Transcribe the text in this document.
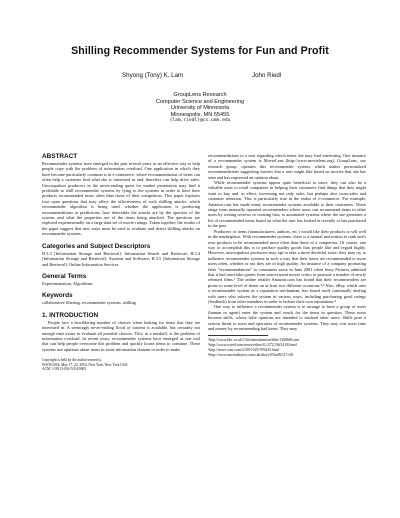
Shilling Recommender Systems for Fun and Profit
Shyong (Tony) K. Lam	John Riedl
GroupLens Research
Computer Science and Engineering
University of Minnesota
Minneapolis, MN 55455
{lam,riedl}@cs.umn.edu
ABSTRACT

Recommender systems have emerged in the past several years as an effective way to help people cope with the problem of information overload. One application in which they have become particularly common is in e-commerce, where recommendation of items can often help a customer find what she is interested in and, therefore can help drive sales. Unscrupulous producers in the never-ending quest for market penetration may find it profitable to shill recommender systems by lying to the systems in order to have their products recommended more often than those of their competitors. This paper explores four open questions that may affect the effectiveness of such shilling attacks: which recommender algorithm is being used, whether the application is producing recommendations or predictions, how detectable the attacks are by the operator of the system, and what the properties are of the items being attacked. The questions are explored experimentally on a large data set of movie ratings. Taken together, the results of the paper suggest that new ways must be used to evaluate and detect shilling attacks on recommender systems.

Categories and Subject Descriptors

H.3.3 [Information Storage and Retrieval]: Information Search and Retrieval; H.3.4 [Information Storage and Retrieval]: Systems and Software; H.3.5 [Information Storage and Retrieval]: Online Information Services

General Terms

Experimentation, Algorithms

Keywords

collaborative filtering, recommender systems, shilling

1. INTRODUCTION

People face a bewildering number of choices when looking for items that they are interested in. A seemingly never-ending flood of content is available, but certainly not enough time exists to evaluate all possible choices. This, in a nutshell, is the problem of information overload. In recent years, recommender systems have emerged as one tool that can help people overcome this problem and quickly locate items to consume. These systems use opinions about items in some information domain in order to make

Copyright is held by the author/owner(s).
WWW2004, May 17–22, 2004, New York, New York USA.
ACM 1-58113-844-X/04/0005.

recommendations to a user regarding which items she may find interesting. One instance of a recommender system is MovieLens (http://www.movielens.org), GroupLens, our research group, operates this recommender system, which makes personalized recommendations suggesting movies that a user might like based on movies that she has seen and has expressed an opinion about.

While recommender systems appear quite beneficial to users, they can also be a valuable asset to retail companies in helping their customers find things that they might want to buy and, in effect, increasing not only sales, but perhaps also cross-sales and customer retention. This is particularly true in the realm of e-commerce. For example, Amazon.com has made many recommender systems available to their customers. These range from manually operated recommenders where users can recommend items to other users by writing reviews or creating lists, to automated systems where the site generates a list of recommended items based on what the user has looked at recently or has purchased in the past.

Producers of items (manufacturers, authors, etc.) would like their products to sell well in the marketplace. With recommender systems, there is a natural motivation to rank one's own products to be recommended more often than those of a competitor. Of course, one way to accomplish this is to produce quality goods that people like and regard highly. However, unscrupulous producers may opt to take a more deceitful route; they may try to influence recommender systems in such a way that their items are recommended to more users often, whether or not they are of high quality. An instance of a company promoting false "recommendations" to consumers arose in June 2001 when Sony Pictures admitted that it had used fake quotes from non-existent movie critics to promote a number of newly released films.¹ The online retailer Amazon.com has found that their recommenders are prone to some level of abuse on at least two different occasions.²,³ Also, eBay, which uses a recommender system as a reputation mechanism, has found itself continually dealing with users who subvert the system in various ways, including purchasing good ratings (feedback) from other members in order to bolster their own reputations.⁴

One way to influence a recommender system is to arrange to have a group of users (human or agent) enter the system and vouch for the items in question. These users become shills, whose false opinions are intended to mislead other users. Shills pose a serious threat to users and operators of recommender systems. They may cost users time and money by recommending bad items. They may

¹http://www.bbc.co.uk/1/hi/entertainment/film/1368666.stm
²http://www.wired.com/news/ethics/0,1272,53634,00.html
³http://news.com.com/2100-1023-976435.html
⁴http://www.auctionbytes.com/cab/abu/y03/m09/i17/s01
